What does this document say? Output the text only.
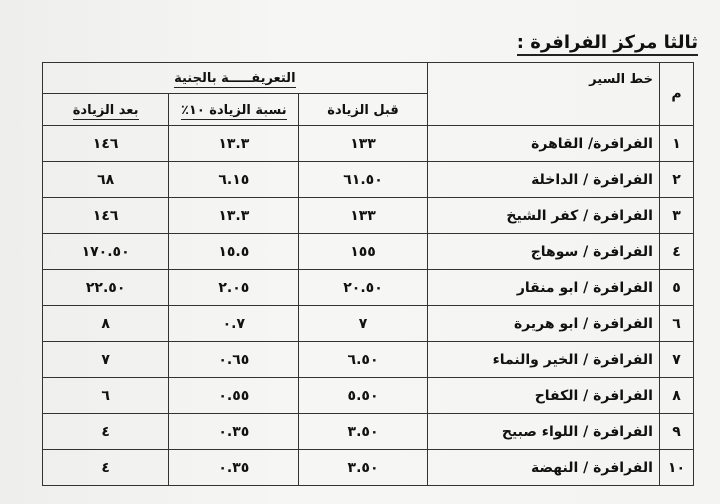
ثالثا مركز الفرافرة :
م	خط السير	التعريفـــــة بالجنية		
		قبل الزيادة	نسبة الزيادة ١٠٪	بعد الزيادة
١	الفرافرة/ القاهرة	١٣٣	١٣.٣	١٤٦
٢	الفرافرة / الداخلة	٦١.٥٠	٦.١٥	٦٨
٣	الفرافرة / كفر الشيخ	١٣٣	١٣.٣	١٤٦
٤	الفرافرة / سوهاج	١٥٥	١٥.٥	١٧٠.٥٠
٥	الفرافرة / ابو منقار	٢٠.٥٠	٢.٠٥	٢٢.٥٠
٦	الفرافرة / ابو هريرة	٧	٠.٧	٨
٧	الفرافرة / الخير والنماء	٦.٥٠	٠.٦٥	٧
٨	الفرافرة / الكفاح	٥.٥٠	٠.٥٥	٦
٩	الفرافرة / اللواء صبيح	٣.٥٠	٠.٣٥	٤
١٠	الفرافرة / النهضة	٣.٥٠	٠.٣٥	٤
